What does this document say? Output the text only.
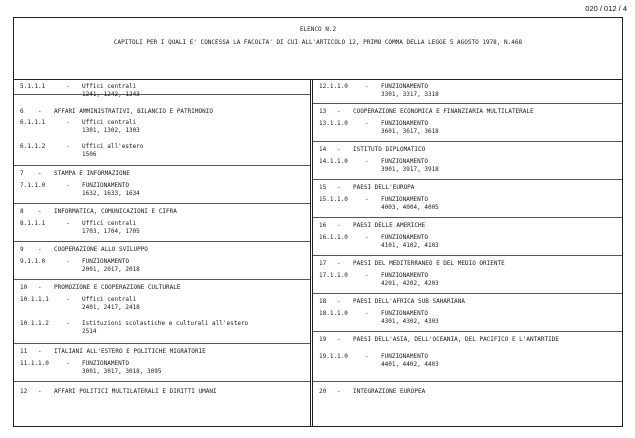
020 / 012 / 4
ELENCO N.2
CAPITOLI PER I QUALI E' CONCESSA LA FACOLTA' DI CUI ALL'ARTICOLO 12, PRIMO COMMA DELLA LEGGE 5 AGOSTO 1978, N.468
5.1.1.1	- Uffici centrali
1241, 1242, 1243
6 - AFFARI AMMINISTRATIVI, BILANCIO E PATRIMONIO
6.1.1.1	- Uffici centrali
1301, 1302, 1303
6.1.1.2	- Uffici all'estero
1506
7 - STAMPA E INFORMAZIONE
7.1.1.0	- FUNZIONAMENTO
1632, 1633, 1634
8 - INFORMATICA, COMUNICAZIONI E CIFRA
8.1.1.1	- Uffici centrali
1703, 1704, 1705
9 - COOPERAZIONE ALLO SVILUPPO
9.1.1.0	- FUNZIONAMENTO
2001, 2017, 2018
10 - PROMOZIONE E COOPERAZIONE CULTURALE
10.1.1.1	- Uffici centrali
2401, 2417, 2418
10.1.1.2	- Istituzioni scolastiche e culturali all'estero
2514
11 - ITALIANI ALL'ESTERO E POLITICHE MIGRATORIE
11.1.1.0	- FUNZIONAMENTO
3001, 3017, 3018, 3095
12 - AFFARI POLITICI MULTILATERALI E DIRITTI UMANI
12.1.1.0	- FUNZIONAMENTO
3301, 3317, 3318
13 - COOPERAZIONE ECONOMICA E FINANZIARIA MULTILATERALE
13.1.1.0	- FUNZIONAMENTO
3601, 3617, 3618
14 - ISTITUTO DIPLOMATICO
14.1.1.0	- FUNZIONAMENTO
3901, 3917, 3918
15 - PAESI DELL'EUROPA
15.1.1.0	- FUNZIONAMENTO
4003, 4004, 4005
16 - PAESI DELLE AMERICHE
16.1.1.0	- FUNZIONAMENTO
4101, 4102, 4103
17 - PAESI DEL MEDITERRANEO E DEL MEDIO ORIENTE
17.1.1.0	- FUNZIONAMENTO
4201, 4202, 4203
18 - PAESI DELL'AFRICA SUB SAHARIANA
18.1.1.0	- FUNZIONAMENTO
4301, 4302, 4303
19 - PAESI DELL'ASIA, DELL'OCEANIA, DEL PACIFICO E L'ANTARTIDE
19.1.1.0	- FUNZIONAMENTO
4401, 4402, 4403
20 - INTEGRAZIONE EUROPEA
